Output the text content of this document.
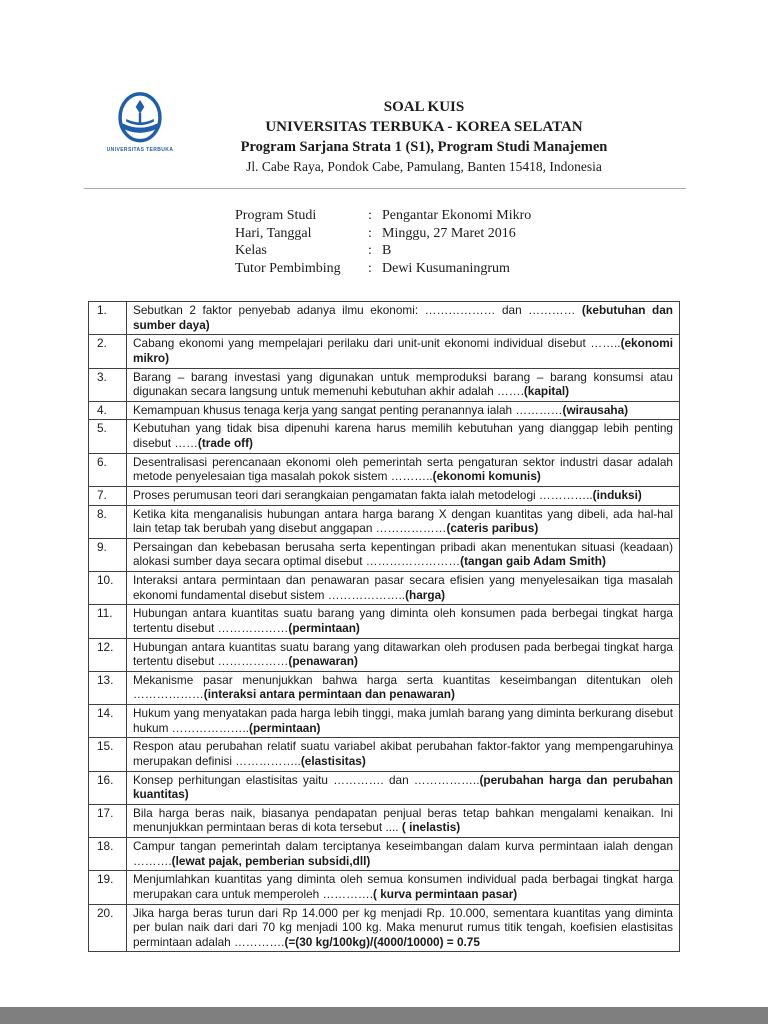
UNIVERSITAS TERBUKA
SOAL KUIS
UNIVERSITAS TERBUKA - KOREA SELATAN
Program Sarjana Strata 1 (S1), Program Studi Manajemen
Jl. Cabe Raya, Pondok Cabe, Pamulang, Banten 15418, Indonesia
Program Studi	: Pengantar Ekonomi Mikro
Hari, Tanggal	: Minggu, 27 Maret 2016
Kelas	: B
Tutor Pembimbing	: Dewi Kusumaningrum
1.	Sebutkan 2 faktor penyebab adanya ilmu ekonomi: ……………… dan ………… (kebutuhan dan sumber daya)
2.	Cabang ekonomi yang mempelajari perilaku dari unit-unit ekonomi individual disebut ……..(ekonomi mikro)
3.	Barang – barang investasi yang digunakan untuk memproduksi barang – barang konsumsi atau digunakan secara langsung untuk memenuhi kebutuhan akhir adalah …….(kapital)
4.	Kemampuan khusus tenaga kerja yang sangat penting peranannya ialah …………(wirausaha)
5.	Kebutuhan yang tidak bisa dipenuhi karena harus memilih kebutuhan yang dianggap lebih penting disebut ……(trade off)
6.	Desentralisasi perencanaan ekonomi oleh pemerintah serta pengaturan sektor industri dasar adalah metode penyelesaian tiga masalah pokok sistem ………..(ekonomi komunis)
7.	Proses perumusan teori dari serangkaian pengamatan fakta ialah metodelogi …………..(induksi)
8.	Ketika kita menganalisis hubungan antara harga barang X dengan kuantitas yang dibeli, ada hal-hal lain tetap tak berubah yang disebut anggapan ………………(cateris paribus)
9.	Persaingan dan kebebasan berusaha serta kepentingan pribadi akan menentukan situasi (keadaan) alokasi sumber daya secara optimal disebut ……………………(tangan gaib Adam Smith)
10.	Interaksi antara permintaan dan penawaran pasar secara efisien yang menyelesaikan tiga masalah ekonomi fundamental disebut sistem ………………..(harga)
11.	Hubungan antara kuantitas suatu barang yang diminta oleh konsumen pada berbegai tingkat harga tertentu disebut ………………(permintaan)
12.	Hubungan antara kuantitas suatu barang yang ditawarkan oleh produsen pada berbegai tingkat harga tertentu disebut ………………(penawaran)
13.	Mekanisme pasar menunjukkan bahwa harga serta kuantitas keseimbangan ditentukan oleh ………………(interaksi antara permintaan dan penawaran)
14.	Hukum yang menyatakan pada harga lebih tinggi, maka jumlah barang yang diminta berkurang disebut hukum ………………..(permintaan)
15.	Respon atau perubahan relatif suatu variabel akibat perubahan faktor-faktor yang mempengaruhinya merupakan definisi ……………..(elastisitas)
16.	Konsep perhitungan elastisitas yaitu …………. dan ……………..(perubahan harga dan perubahan kuantitas)
17.	Bila harga beras naik, biasanya pendapatan penjual beras tetap bahkan mengalami kenaikan. Ini menunjukkan permintaan beras di kota tersebut .... ( inelastis)
18.	Campur tangan pemerintah dalam terciptanya keseimbangan dalam kurva permintaan ialah dengan ……….(lewat pajak, pemberian subsidi,dll)
19.	Menjumlahkan kuantitas yang diminta oleh semua konsumen individual pada berbagai tingkat harga merupakan cara untuk memperoleh ………….( kurva permintaan pasar)
20.	Jika harga beras turun dari Rp 14.000 per kg menjadi Rp. 10.000, sementara kuantitas yang diminta per bulan naik dari dari 70 kg menjadi 100 kg. Maka menurut rumus titik tengah, koefisien elastisitas permintaan adalah ………….(=(30 kg/100kg)/(4000/10000) = 0.75
